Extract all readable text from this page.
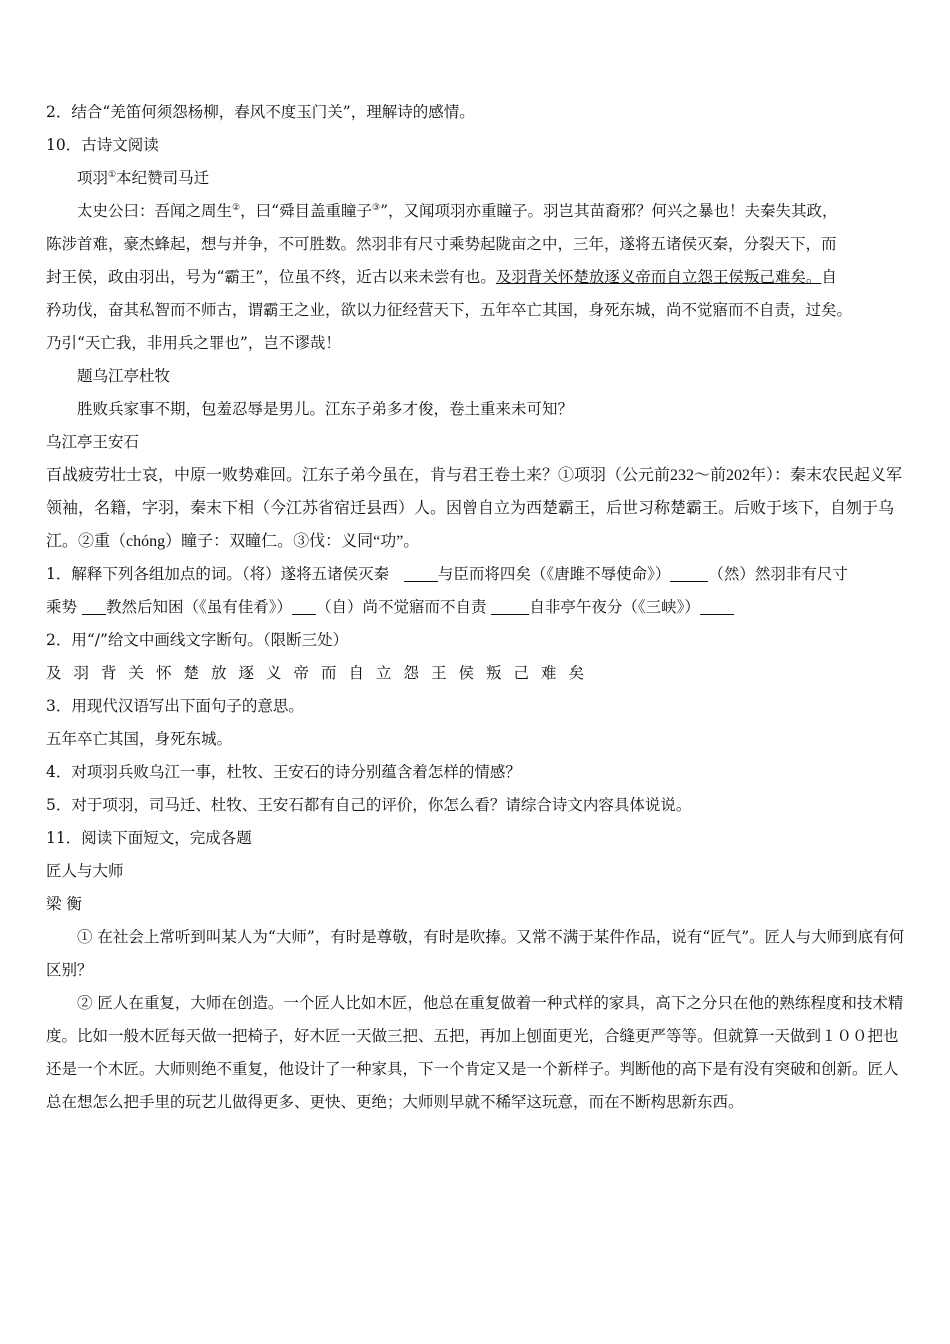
2．结合“羌笛何须怨杨柳，春风不度玉门关”，理解诗的感情。
10．古诗文阅读
项羽①本纪赞司马迁
太史公曰：吾闻之周生②，曰“舜目盖重瞳子③”，又闻项羽亦重瞳子。羽岂其苗裔邪？何兴之暴也！夫秦失其政，
陈涉首难，豪杰蜂起，想与并争，不可胜数。然羽非有尺寸乘势起陇亩之中，三年，遂将五诸侯灭秦，分裂天下，而
封王侯，政由羽出，号为“霸王”，位虽不终，近古以来未尝有也。及羽背关怀楚放逐义帝而自立怨王侯叛己难矣。自
矜功伐，奋其私智而不师古，谓霸王之业，欲以力征经营天下，五年卒亡其国，身死东城，尚不觉寤而不自责，过矣。
乃引“天亡我，非用兵之罪也”，岂不谬哉！
题乌江亭杜牧
胜败兵家事不期，包羞忍辱是男儿。江东子弟多才俊，卷土重来未可知？
乌江亭王安石
百战疲劳壮士哀，中原一败势难回。江东子弟今虽在，肯与君王卷土来？①项羽（公元前232～前202年）：秦末农民起义军领袖，名籍，字羽，秦末下相（今江苏省宿迁县西）人。因曾自立为西楚霸王，后世习称楚霸王。后败于垓下，自刎于乌江。②重（chóng）瞳子：双瞳仁。③伐：义同“功”。
1．解释下列各组加点的词。（将）遂将五诸侯灭秦	与臣而将四矣（《唐雎不辱使命》） （然）然羽非有尺寸
乘势 教然后知困（《虽有佳肴》） （自）尚不觉寤而不自责	自非亭午夜分（《三峡》）
2．用“/”给文中画线文字断句。（限断三处）
及羽背关怀楚放逐义帝而自立怨王侯叛己难矣
3．用现代汉语写出下面句子的意思。
五年卒亡其国，身死东城。
4．对项羽兵败乌江一事，杜牧、王安石的诗分别蕴含着怎样的情感？
5．对于项羽，司马迁、杜牧、王安石都有自己的评价，你怎么看？请综合诗文内容具体说说。
11．阅读下面短文，完成各题
匠人与大师
梁 衡
① 在社会上常听到叫某人为“大师”，有时是尊敬，有时是吹捧。又常不满于某件作品，说有“匠气”。匠人与大师到底有何区别？
② 匠人在重复，大师在创造。一个匠人比如木匠，他总在重复做着一种式样的家具，高下之分只在他的熟练程度和技术精度。比如一般木匠每天做一把椅子，好木匠一天做三把、五把，再加上刨面更光，合缝更严等等。但就算一天做到１００把也还是一个木匠。大师则绝不重复，他设计了一种家具，下一个肯定又是一个新样子。判断他的高下是有没有突破和创新。匠人总在想怎么把手里的玩艺儿做得更多、更快、更绝；大师则早就不稀罕这玩意，而在不断构思新东西。
